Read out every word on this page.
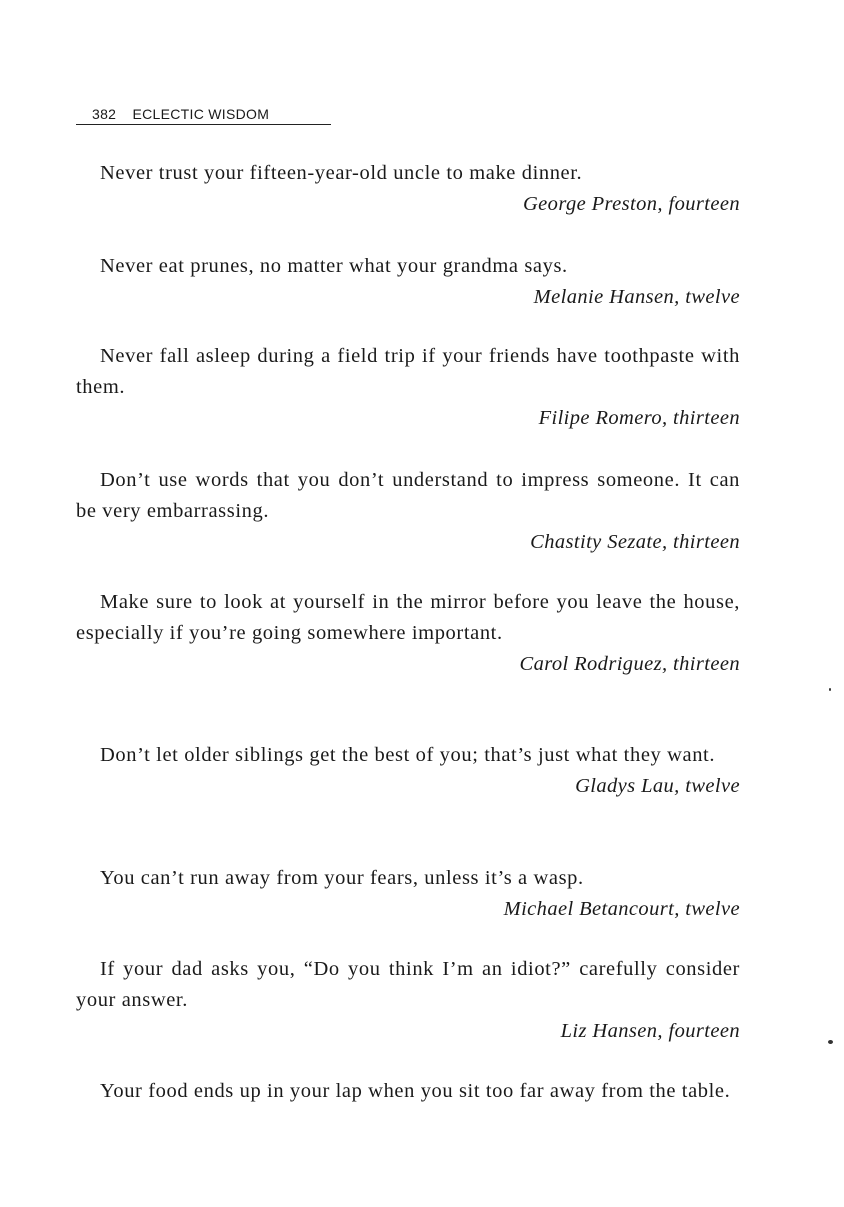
382 ECLECTIC WISDOM

Never trust your fifteen-year-old uncle to make dinner.

George Preston, fourteen

Never eat prunes, no matter what your grandma says.

Melanie Hansen, twelve

Never fall asleep during a field trip if your friends have toothpaste with them.

Filipe Romero, thirteen

Don’t use words that you don’t understand to impress someone. It can be very embarrassing.

Chastity Sezate, thirteen

Make sure to look at yourself in the mirror before you leave the house, especially if you’re going somewhere important.

Carol Rodriguez, thirteen

Don’t let older siblings get the best of you; that’s just what they want.

Gladys Lau, twelve

You can’t run away from your fears, unless it’s a wasp.

Michael Betancourt, twelve

If your dad asks you, “Do you think I’m an idiot?” carefully consider your answer.

Liz Hansen, fourteen

Your food ends up in your lap when you sit too far away from the table.
